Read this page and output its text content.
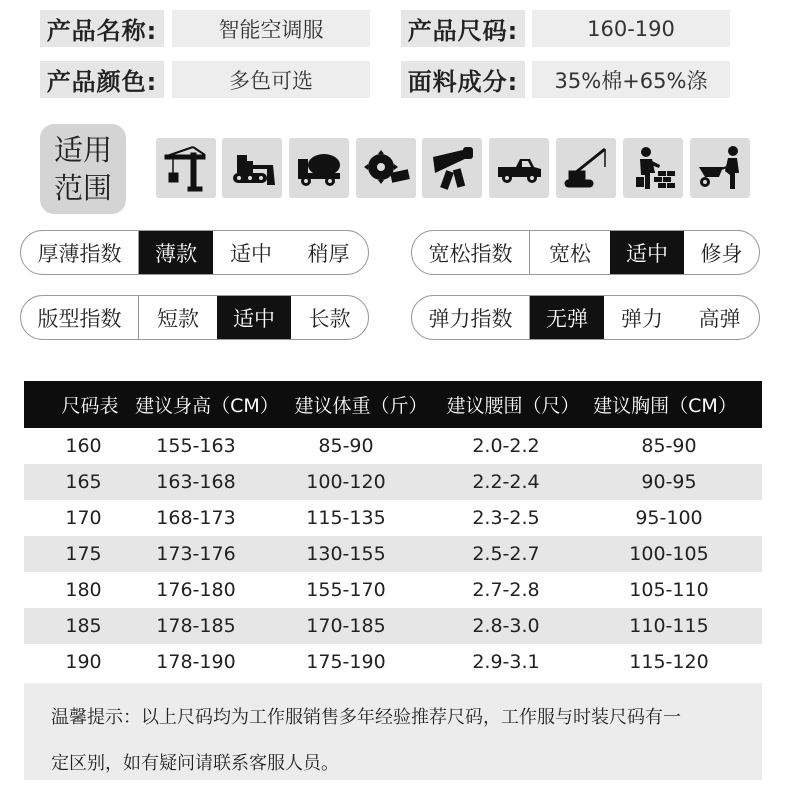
产品名称:	智能空调服	产品尺码:	160-190
产品颜色:	多色可选	面料成分:	35%棉+65%涤
适用
范围
厚薄指数	薄款	适中	稍厚	宽松指数	宽松	适中	修身
版型指数	短款	适中	长款	弹力指数	无弹	弹力	高弹
尺码表 建议身高（CM） 建议体重（斤） 建议腰围（尺） 建议胸围（CM）
160	155-163	85-90	2.0-2.2	85-90
165	163-168	100-120	2.2-2.4	90-95
170	168-173	115-135	2.3-2.5	95-100
175	173-176	130-155	2.5-2.7	100-105
180	176-180	155-170	2.7-2.8	105-110
185	178-185	170-185	2.8-3.0	110-115
190	178-190	175-190	2.9-3.1	115-120
温馨提示：以上尺码均为工作服销售多年经验推荐尺码，工作服与时装尺码有一
定区别，如有疑问请联系客服人员。
